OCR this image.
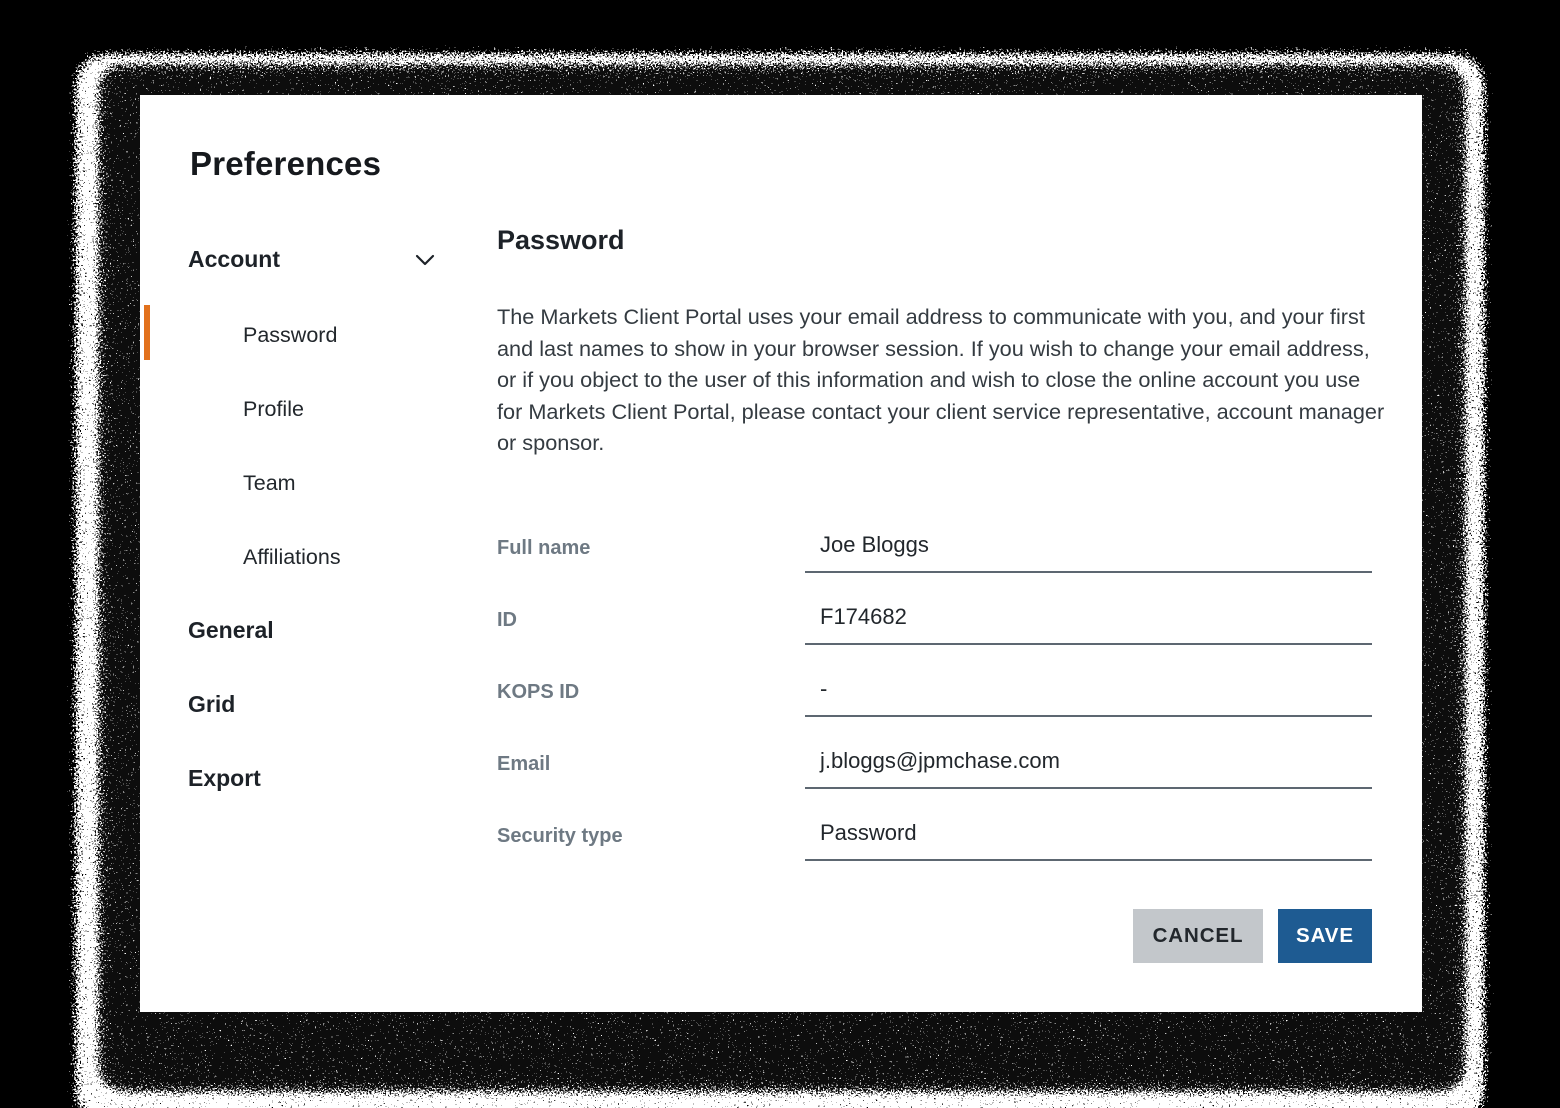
Preferences
Account
Password
Profile
Team
Affiliations
General
Grid
Export
Password
The Markets Client Portal uses your email address to communicate with you, and your first and last names to show in your browser session. If you wish to change your email address, or if you object to the user of this information and wish to close the online account you use for Markets Client Portal, please contact your client service representative, account manager or sponsor.
Full name	Joe Bloggs
ID	F174682
KOPS ID	-
Email	j.bloggs@jpmchase.com
Security type	Password
CANCEL	SAVE
